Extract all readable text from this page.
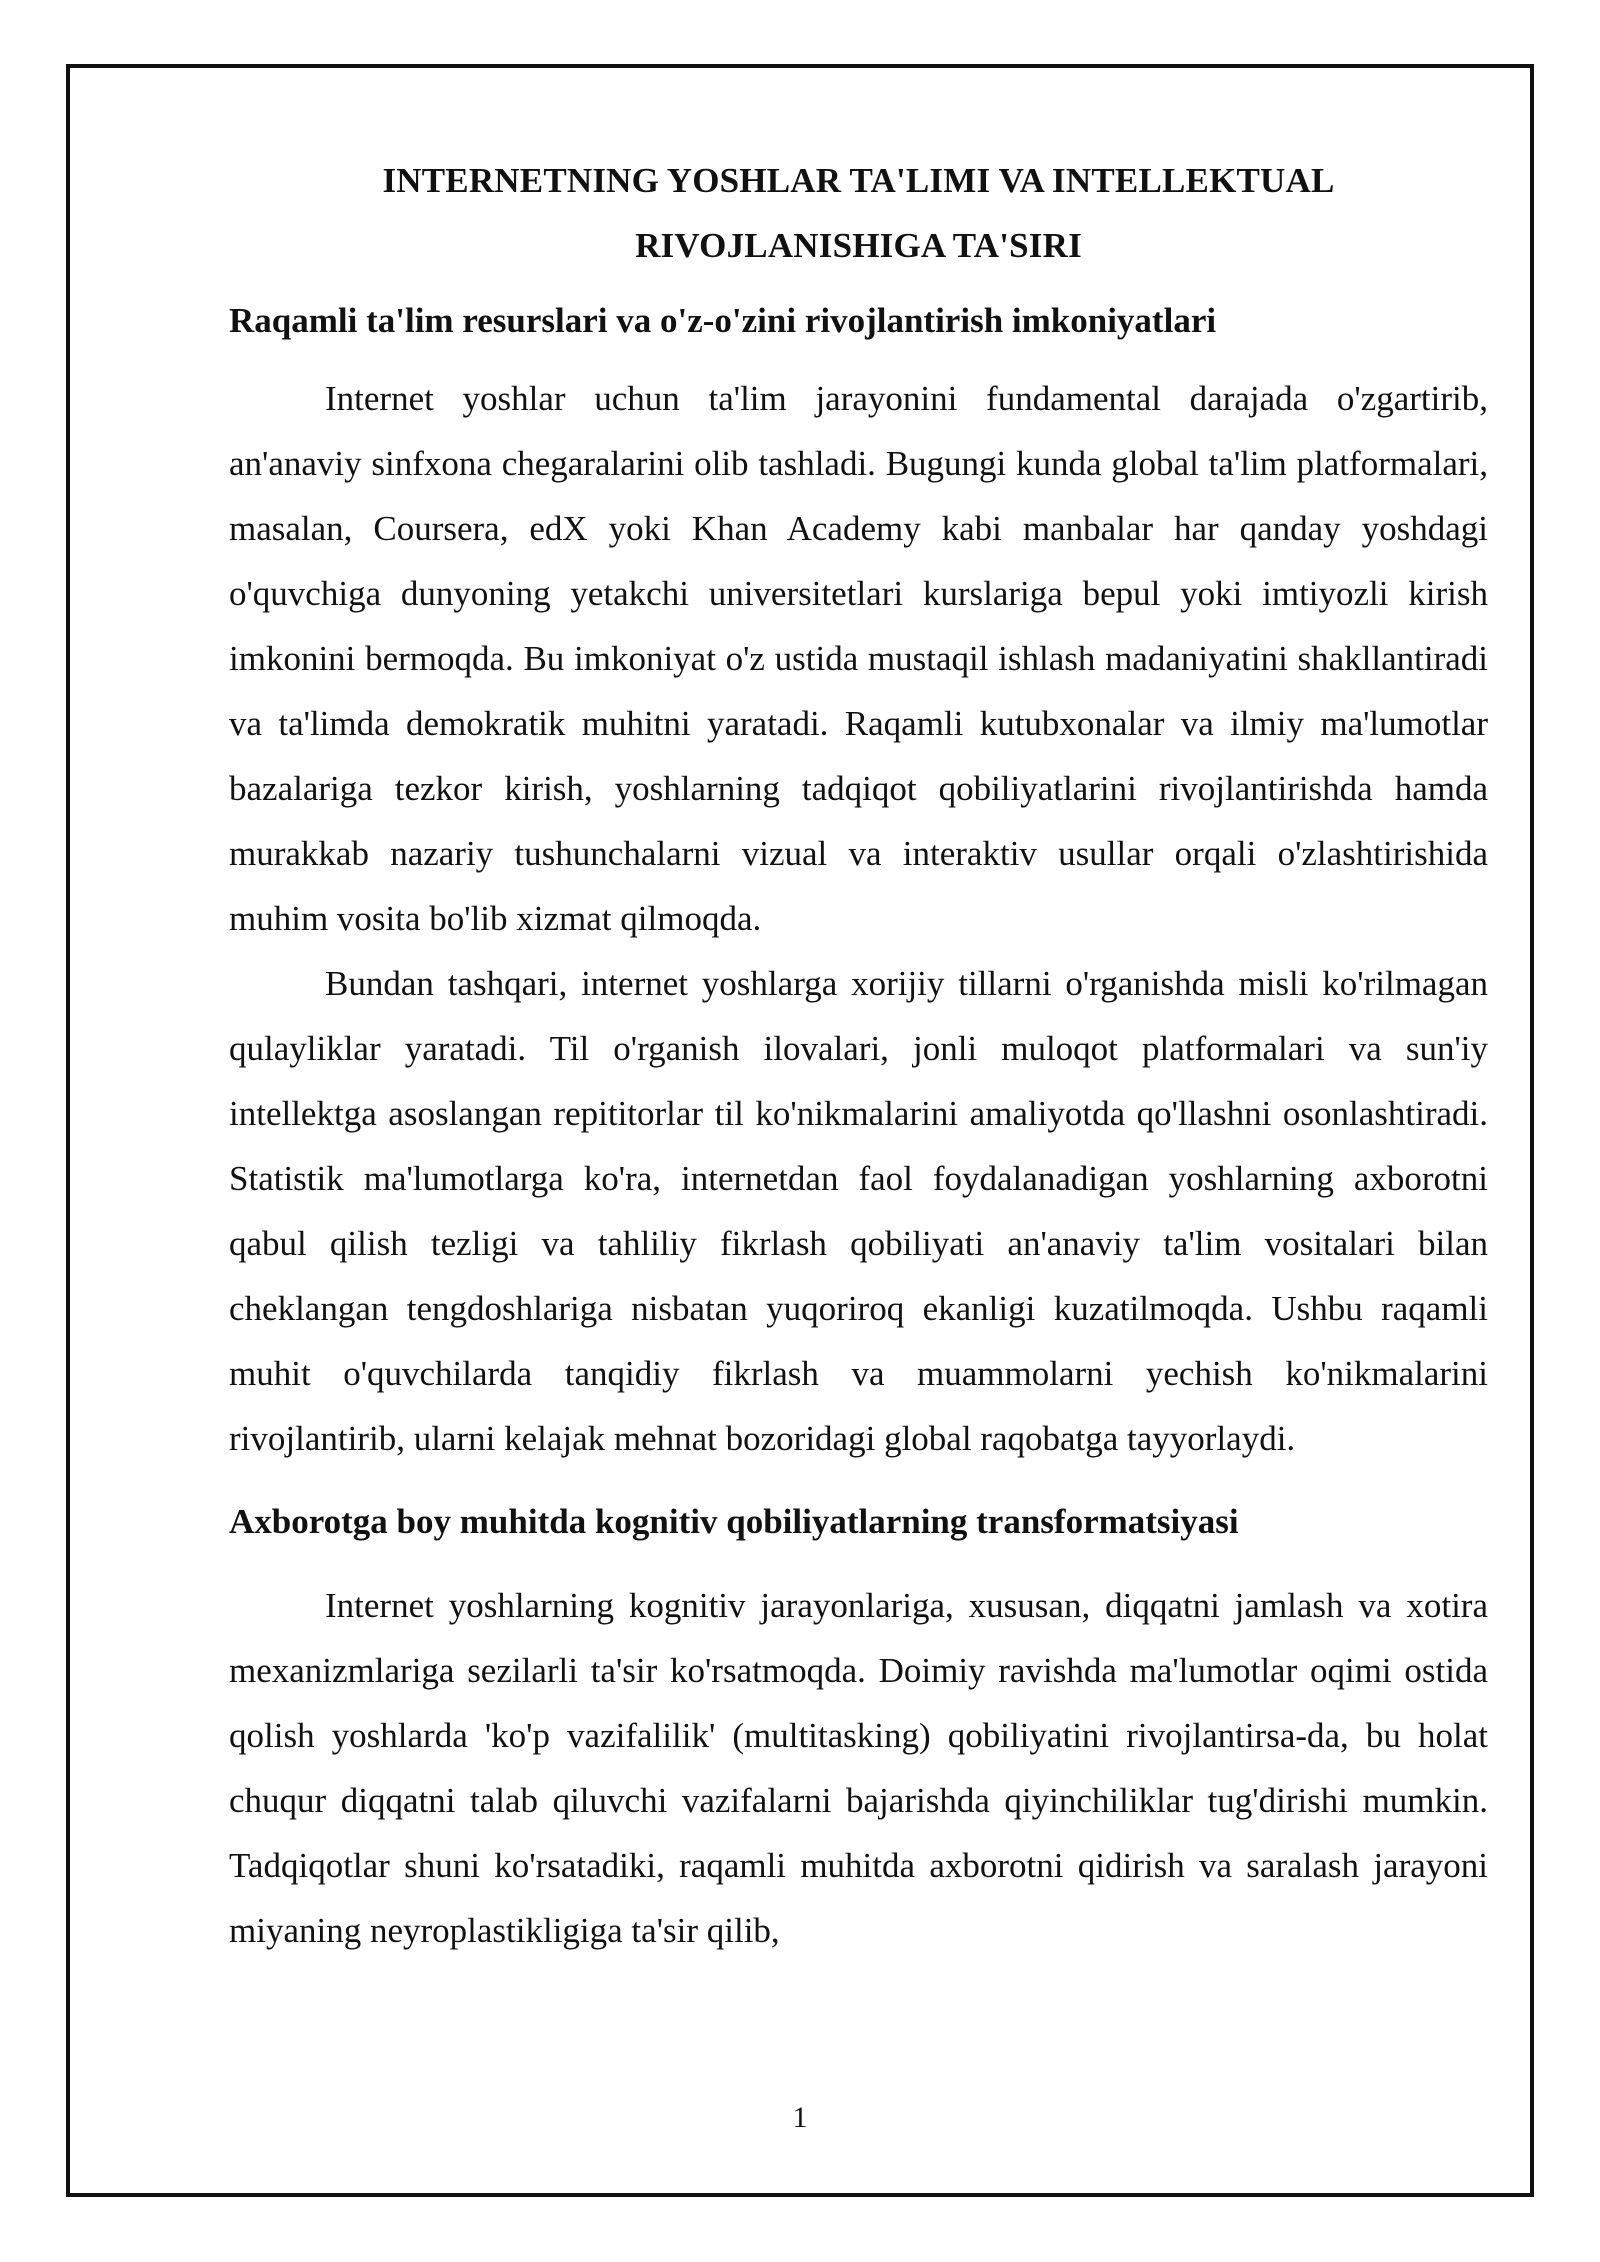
INTERNETNING YOSHLAR TA'LIMI VA INTELLEKTUAL
RIVOJLANISHIGA TA'SIRI
Raqamli ta'lim resurslari va o'z-o'zini rivojlantirish imkoniyatlari

Internet yoshlar uchun ta'lim jarayonini fundamental darajada o'zgartirib, an'anaviy sinfxona chegaralarini olib tashladi. Bugungi kunda global ta'lim platformalari, masalan, Coursera, edX yoki Khan Academy kabi manbalar har qanday yoshdagi o'quvchiga dunyoning yetakchi universitetlari kurslariga bepul yoki imtiyozli kirish imkonini bermoqda. Bu imkoniyat o'z ustida mustaqil ishlash madaniyatini shakllantiradi va ta'limda demokratik muhitni yaratadi. Raqamli kutubxonalar va ilmiy ma'lumotlar bazalariga tezkor kirish, yoshlarning tadqiqot qobiliyatlarini rivojlantirishda hamda murakkab nazariy tushunchalarni vizual va interaktiv usullar orqali o'zlashtirishida muhim vosita bo'lib xizmat qilmoqda.

Bundan tashqari, internet yoshlarga xorijiy tillarni o'rganishda misli ko'rilmagan qulayliklar yaratadi. Til o'rganish ilovalari, jonli muloqot platformalari va sun'iy intellektga asoslangan repititorlar til ko'nikmalarini amaliyotda qo'llashni osonlashtiradi. Statistik ma'lumotlarga ko'ra, internetdan faol foydalanadigan yoshlarning axborotni qabul qilish tezligi va tahliliy fikrlash qobiliyati an'anaviy ta'lim vositalari bilan cheklangan tengdoshlariga nisbatan yuqoriroq ekanligi kuzatilmoqda. Ushbu raqamli muhit o'quvchilarda tanqidiy fikrlash va muammolarni yechish ko'nikmalarini rivojlantirib, ularni kelajak mehnat bozoridagi global raqobatga tayyorlaydi.

Axborotga boy muhitda kognitiv qobiliyatlarning transformatsiyasi

Internet yoshlarning kognitiv jarayonlariga, xususan, diqqatni jamlash va xotira mexanizmlariga sezilarli ta'sir ko'rsatmoqda. Doimiy ravishda ma'lumotlar oqimi ostida qolish yoshlarda 'ko'p vazifalilik' (multitasking) qobiliyatini rivojlantirsa-da, bu holat chuqur diqqatni talab qiluvchi vazifalarni bajarishda qiyinchiliklar tug'dirishi mumkin. Tadqiqotlar shuni ko'rsatadiki, raqamli muhitda axborotni qidirish va saralash jarayoni miyaning neyroplastikligiga ta'sir qilib,

1
